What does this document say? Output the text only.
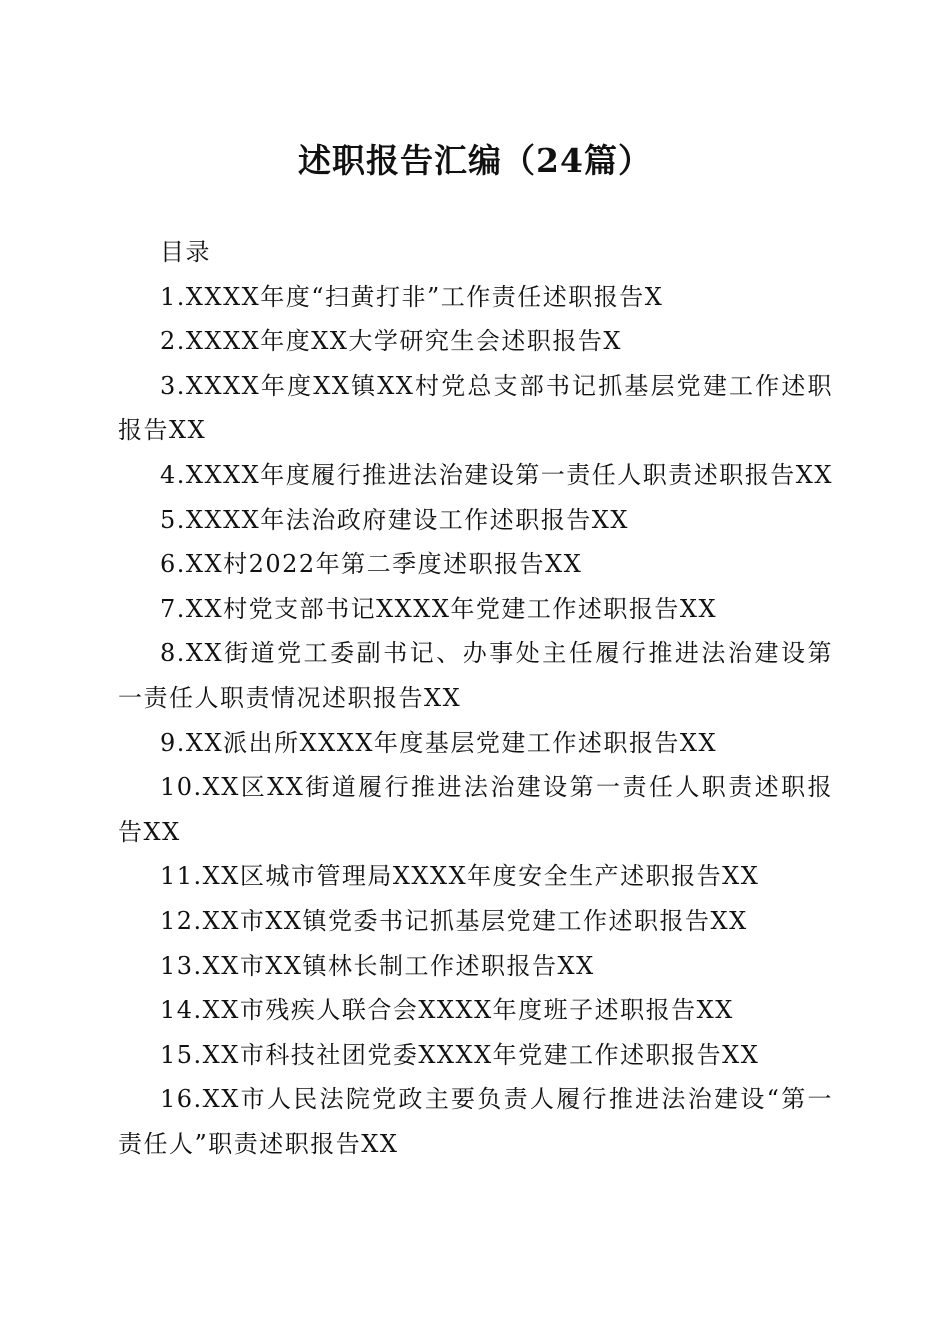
述职报告汇编（24篇）

目录

1.XXXX年度“扫黄打非”工作责任述职报告X

2.XXXX年度XX大学研究生会述职报告X

3.XXXX年度XX镇XX村党总支部书记抓基层党建工作述职报告XX

4.XXXX年度履行推进法治建设第一责任人职责述职报告XX

5.XXXX年法治政府建设工作述职报告XX

6.XX村2022年第二季度述职报告XX

7.XX村党支部书记XXXX年党建工作述职报告XX

8.XX街道党工委副书记、办事处主任履行推进法治建设第一责任人职责情况述职报告XX

9.XX派出所XXXX年度基层党建工作述职报告XX

10.XX区XX街道履行推进法治建设第一责任人职责述职报告XX

11.XX区城市管理局XXXX年度安全生产述职报告XX

12.XX市XX镇党委书记抓基层党建工作述职报告XX

13.XX市XX镇林长制工作述职报告XX

14.XX市残疾人联合会XXXX年度班子述职报告XX

15.XX市科技社团党委XXXX年党建工作述职报告XX

16.XX市人民法院党政主要负责人履行推进法治建设“第一责任人”职责述职报告XX
